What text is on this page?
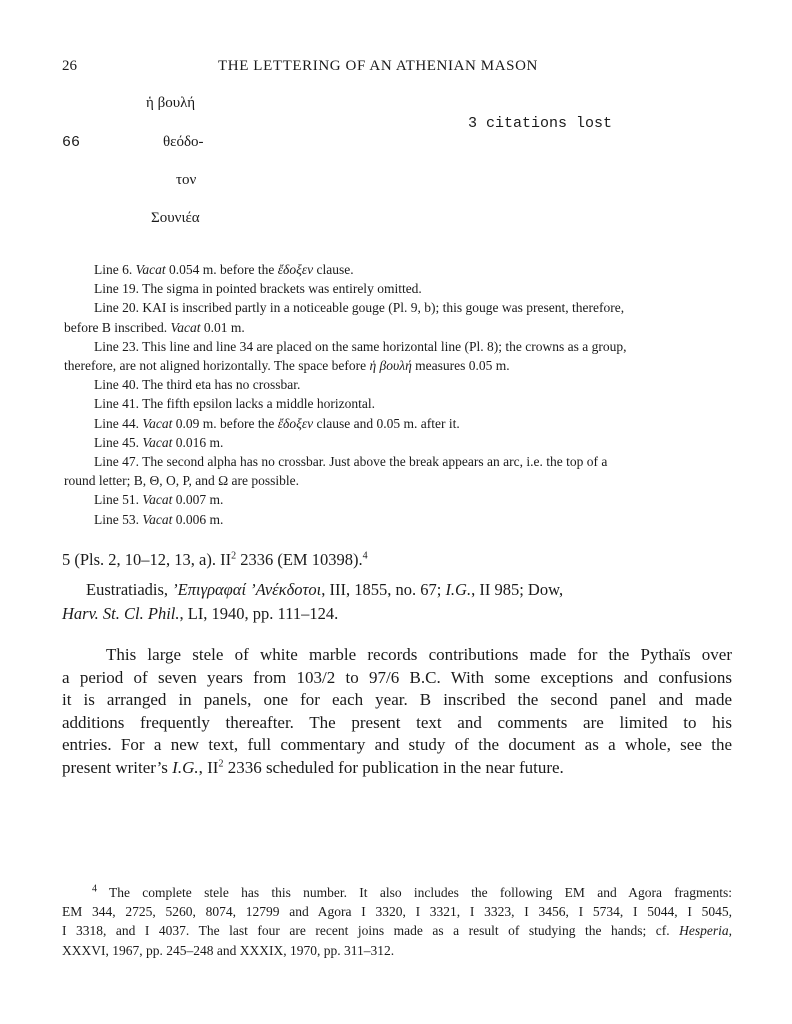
26	THE LETTERING OF AN ATHENIAN MASON
ἡ βουλή
3 citations lost
66	θεόδο-
τον
Σουνιέα
Line 6. Vacat 0.054 m. before the ἔδοξεν clause.
Line 19. The sigma in pointed brackets was entirely omitted.
Line 20. KAI is inscribed partly in a noticeable gouge (Pl. 9, b); this gouge was present, therefore,
before B inscribed. Vacat 0.01 m.
Line 23. This line and line 34 are placed on the same horizontal line (Pl. 8); the crowns as a group,
therefore, are not aligned horizontally. The space before ἡ βουλή measures 0.05 m.
Line 40. The third eta has no crossbar.
Line 41. The fifth epsilon lacks a middle horizontal.
Line 44. Vacat 0.09 m. before the ἔδοξεν clause and 0.05 m. after it.
Line 45. Vacat 0.016 m.
Line 47. The second alpha has no crossbar. Just above the break appears an arc, i.e. the top of a
round letter; B, Θ, O, P, and Ω are possible.
Line 51. Vacat 0.007 m.
Line 53. Vacat 0.006 m.
5 (Pls. 2, 10–12, 13, a). $II^2$ 2336 (EM 10398).$^4$
Eustratiadis, ’Επιγραφαί ’Ανέκδοτοι, III, 1855, no. 67; I.G., II 985; Dow,
Harv. St. Cl. Phil., LI, 1940, pp. 111–124.
This large stele of white marble records contributions made for the Pythaïs over
a period of seven years from 103/2 to 97/6 B.C. With some exceptions and confusions
it is arranged in panels, one for each year. B inscribed the second panel and made
additions frequently thereafter. The present text and comments are limited to his
entries. For a new text, full commentary and study of the document as a whole, see the
present writer’s I.G., $II^2$ 2336 scheduled for publication in the near future.
$^4$ The complete stele has this number. It also includes the following EM and Agora fragments:
EM 344, 2725, 5260, 8074, 12799 and Agora I 3320, I 3321, I 3323, I 3456, I 5734, I 5044, I 5045,
I 3318, and I 4037. The last four are recent joins made as a result of studying the hands; cf. Hesperia,
XXXVI, 1967, pp. 245–248 and XXXIX, 1970, pp. 311–312.
